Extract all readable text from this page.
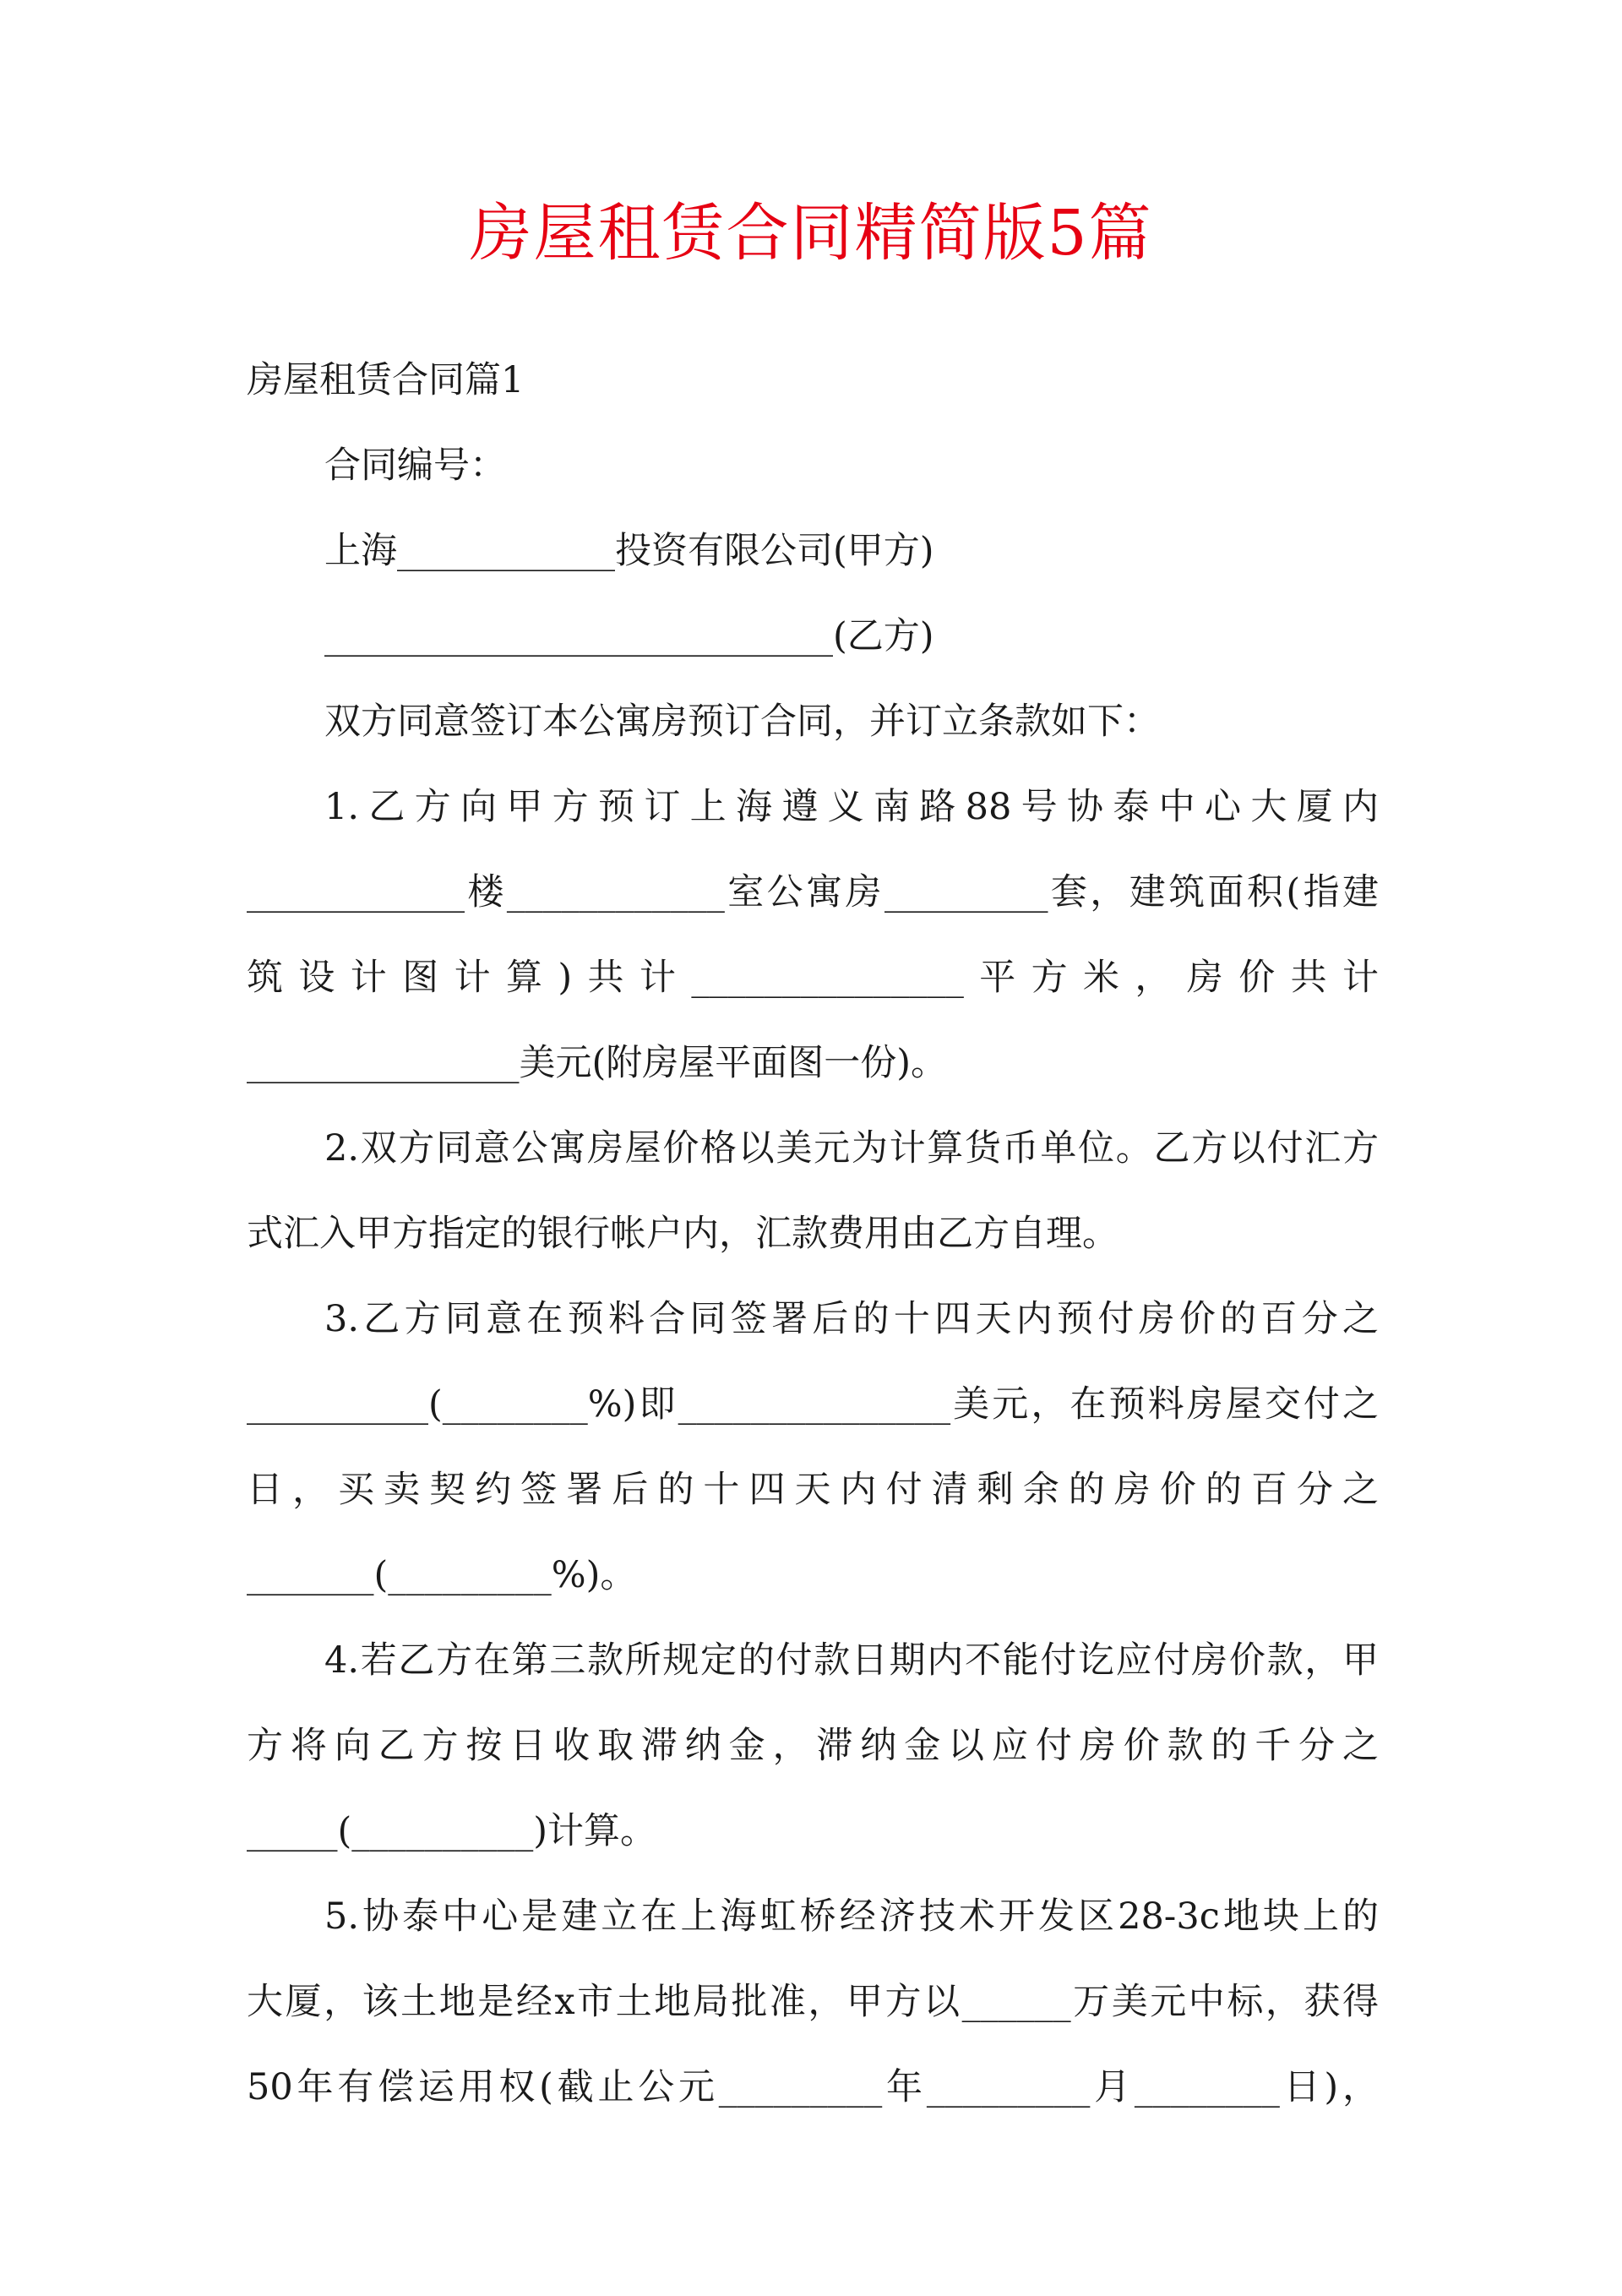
房屋租赁合同精简版5篇
房屋租赁合同篇1
合同编号：
上海____________投资有限公司(甲方)
____________________________(乙方)
双方同意签订本公寓房预订合同，并订立条款如下：
1.乙方向甲方预订上海遵义南路88号协泰中心大厦内
____________楼____________室公寓房_________套，建筑面积(指建
筑设计图计算)共计_______________平方米，房价共计
_______________美元(附房屋平面图一份)。
2.双方同意公寓房屋价格以美元为计算货币单位。乙方以付汇方
式汇入甲方指定的银行帐户内，汇款费用由乙方自理。
3.乙方同意在预料合同签署后的十四天内预付房价的百分之
__________(________%)即_______________美元，在预料房屋交付之
日，买卖契约签署后的十四天内付清剩余的房价的百分之
_______(_________%)。
4.若乙方在第三款所规定的付款日期内不能付讫应付房价款，甲
方将向乙方按日收取滞纳金，滞纳金以应付房价款的千分之
_____(__________)计算。
5.协泰中心是建立在上海虹桥经济技术开发区28-3c地块上的
大厦，该土地是经x市土地局批准，甲方以______万美元中标，获得
50年有偿运用权(截止公元_________年_________月________日)，
